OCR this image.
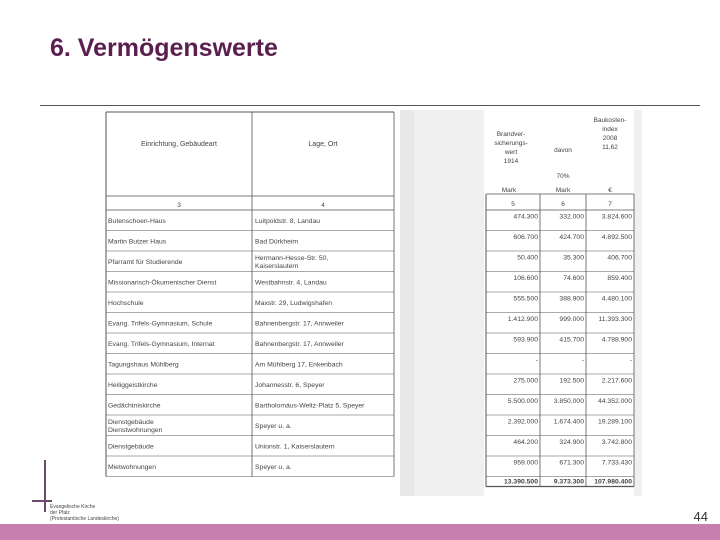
6. Vermögenswerte
Einrichtung, Gebäudeart	Lage, Ort
3	4
Brandver-
sicherungs-
wert
1914
davon
70%
Baukosten-
index
2008
11,62
Mark	Mark	€
5	6	7
Butenschoen-Haus	Luitpoldstr. 8, Landau
474.300	332.000	3.824.600
Martin Butzer Haus	Bad Dürkheim
606.700	424.700	4.892.500
Pfarramt für Studierende
Hermann-Hesse-Str. 50,
Kaiserslautern
50.400	35.300	406.700
Missionarisch-Ökumenischer Dienst	Westbahnstr. 4, Landau
106.600	74.600	859.400
Hochschule	Maxstr. 29, Ludwigshafen
555.500	388.900	4.480.100
Evang. Trifels-Gymnasium, Schule	Bahnenbergstr. 17, Annweiler
1.412.900	999.000 11.393.300
Evang. Trifels-Gymnasium, Internat	Bahnenbergstr. 17, Annweiler
593.900	415.700	4.788.900
Tagungshaus Mühlberg	Am Mühlberg 17, Enkenbach
-	-	-
Heiliggeistkirche	Johannesstr. 6, Speyer
275.000	192.500	2.217.600
Gedächtniskirche	Bartholomäus-Weltz-Platz 5, Speyer
5.500.000 3.850.000 44.352.000
Dienstgebäude
Dienstwohnungen
Speyer u. a.
2.392.000 1.674.400 19.289.100
Dienstgebäude	Unionstr. 1, Kaiserslautern
464.200	324.900	3.742.800
Mietwohnungen	Speyer u. a.
959.000	671.300	7.733.430
13.390.500 9.373.300 107.980.400
Evangelische Kirche
der Pfalz
(Protestantische Landeskirche)	44
